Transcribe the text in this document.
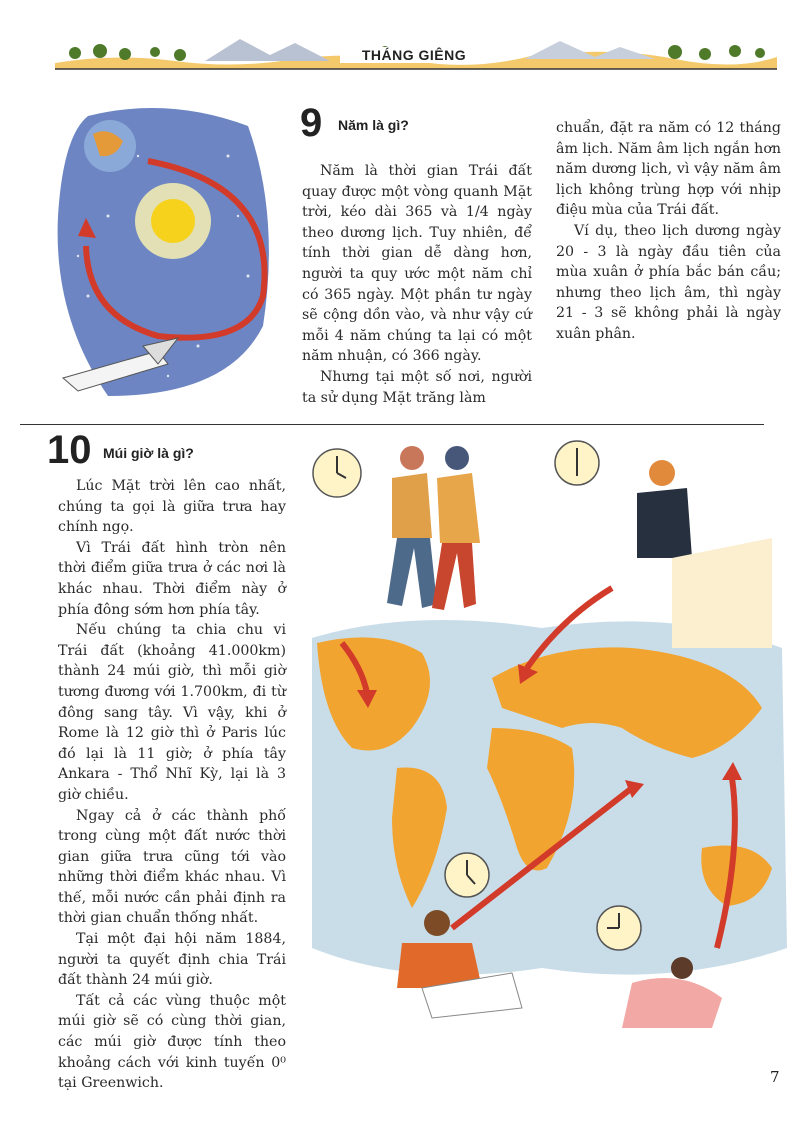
THÁNG GIÊNG
9 Năm là gì?

Năm là thời gian Trái đất quay được một vòng quanh Mặt trời, kéo dài 365 và 1/4 ngày theo dương lịch. Tuy nhiên, để tính thời gian dễ dàng hơn, người ta quy ước một năm chỉ có 365 ngày. Một phần tư ngày sẽ cộng dồn vào, và như vậy cứ mỗi 4 năm chúng ta lại có một năm nhuận, có 366 ngày.

Nhưng tại một số nơi, người ta sử dụng Mặt trăng làm

chuẩn, đặt ra năm có 12 tháng âm lịch. Năm âm lịch ngắn hơn năm dương lịch, vì vậy năm âm lịch không trùng hợp với nhịp điệu mùa của Trái đất.

Ví dụ, theo lịch dương ngày 20 - 3 là ngày đầu tiên của mùa xuân ở phía bắc bán cầu; nhưng theo lịch âm, thì ngày 21 - 3 sẽ không phải là ngày xuân phân.

10 Múi giờ là gì?

Lúc Mặt trời lên cao nhất, chúng ta gọi là giữa trưa hay chính ngọ.

Vì Trái đất hình tròn nên thời điểm giữa trưa ở các nơi là khác nhau. Thời điểm này ở phía đông sớm hơn phía tây.

Nếu chúng ta chia chu vi Trái đất (khoảng 41.000km) thành 24 múi giờ, thì mỗi giờ tương đương với 1.700km, đi từ đông sang tây. Vì vậy, khi ở Rome là 12 giờ thì ở Paris lúc đó lại là 11 giờ; ở phía tây Ankara - Thổ Nhĩ Kỳ, lại là 3 giờ chiều.

Ngay cả ở các thành phố trong cùng một đất nước thời gian giữa trưa cũng tới vào những thời điểm khác nhau. Vì thế, mỗi nước cần phải định ra thời gian chuẩn thống nhất.

Tại một đại hội năm 1884, người ta quyết định chia Trái đất thành 24 múi giờ.

Tất cả các vùng thuộc một múi giờ sẽ có cùng thời gian, các múi giờ được tính theo khoảng cách với kinh tuyến 0⁰ tại Greenwich.	7
